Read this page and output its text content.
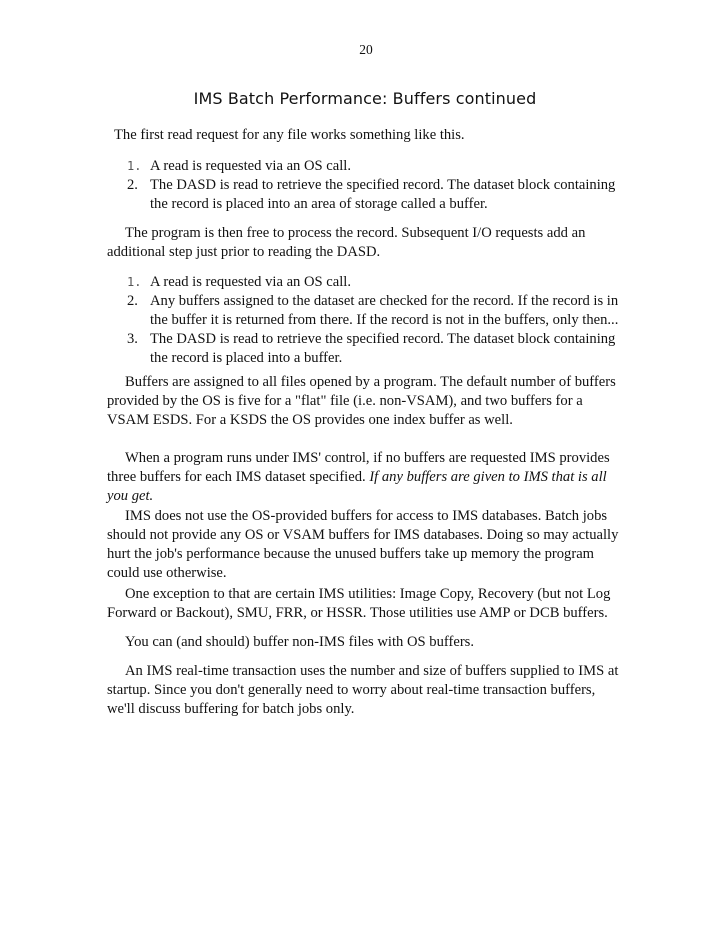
20
IMS Batch Performance: Buffers continued
The first read request for any file works something like this.
1. A read is requested via an OS call.
2. The DASD is read to retrieve the specified record. The dataset block containing the record is placed into an area of storage called a buffer.

The program is then free to process the record. Subsequent I/O requests add an additional step just prior to reading the DASD.

1. A read is requested via an OS call.
2. Any buffers assigned to the dataset are checked for the record. If the record is in the buffer it is returned from there. If the record is not in the buffers, only then...
3. The DASD is read to retrieve the specified record. The dataset block containing the record is placed into a buffer.

Buffers are assigned to all files opened by a program. The default number of buffers provided by the OS is five for a "flat" file (i.e. non-VSAM), and two buffers for a VSAM ESDS. For a KSDS the OS provides one index buffer as well.

When a program runs under IMS' control, if no buffers are requested IMS provides three buffers for each IMS dataset specified. If any buffers are given to IMS that is all you get.

IMS does not use the OS-provided buffers for access to IMS databases. Batch jobs should not provide any OS or VSAM buffers for IMS databases. Doing so may actually hurt the job's performance because the unused buffers take up memory the program could use otherwise.

One exception to that are certain IMS utilities: Image Copy, Recovery (but not Log Forward or Backout), SMU, FRR, or HSSR. Those utilities use AMP or DCB buffers.

You can (and should) buffer non-IMS files with OS buffers.

An IMS real-time transaction uses the number and size of buffers supplied to IMS at startup. Since you don't generally need to worry about real-time transaction buffers, we'll discuss buffering for batch jobs only.
